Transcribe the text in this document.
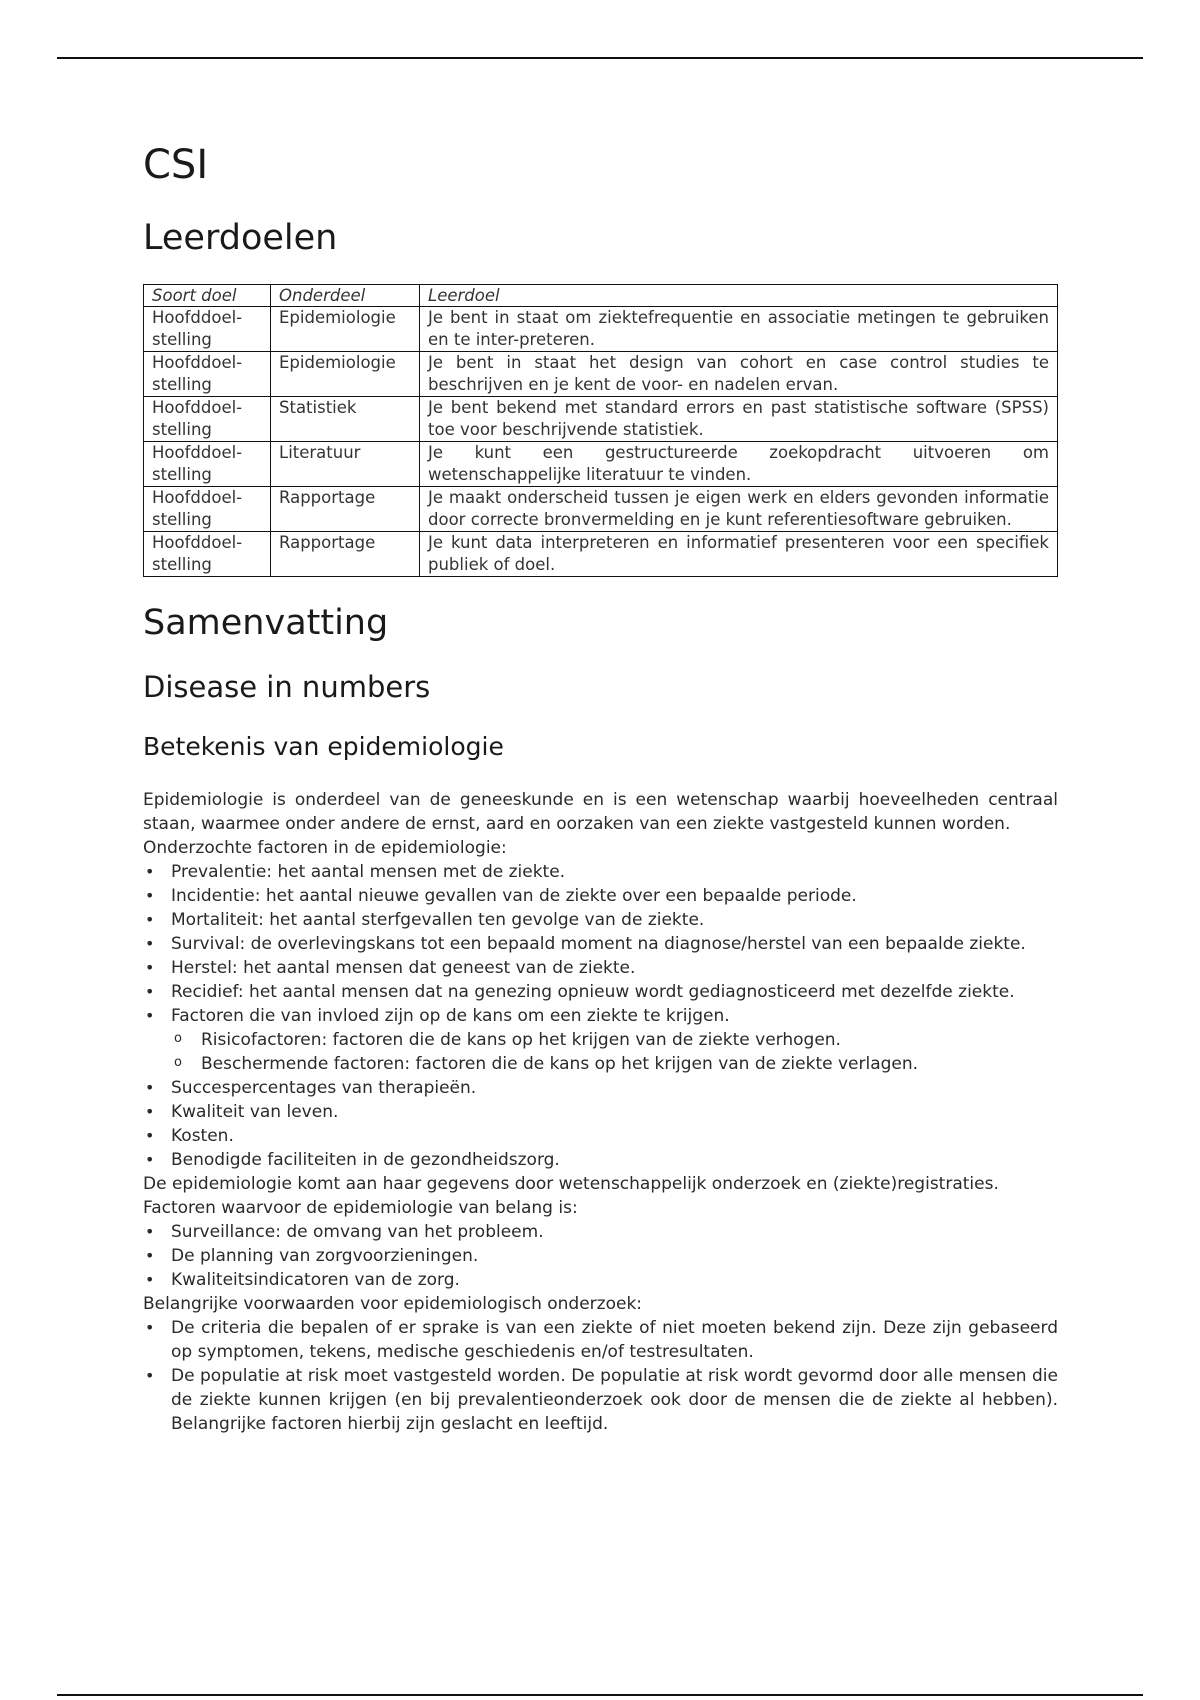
CSI
Leerdoelen
Soort doel	Onderdeel	Leerdoel
Hoofddoel-stelling	Epidemiologie	Je bent in staat om ziektefrequentie en associatie metingen te gebruiken en te inter-preteren.
Hoofddoel-stelling	Epidemiologie	Je bent in staat het design van cohort en case control studies te beschrijven en je kent de voor- en nadelen ervan.
Hoofddoel-stelling	Statistiek	Je bent bekend met standard errors en past statistische software (SPSS) toe voor beschrijvende statistiek.
Hoofddoel-stelling	Literatuur	Je kunt een gestructureerde zoekopdracht uitvoeren om wetenschappelijke literatuur te vinden.
Hoofddoel-stelling	Rapportage	Je maakt onderscheid tussen je eigen werk en elders gevonden informatie door correcte bronvermelding en je kunt referentiesoftware gebruiken.
Hoofddoel-stelling	Rapportage	Je kunt data interpreteren en informatief presenteren voor een specifiek publiek of doel.
Samenvatting
Disease in numbers
Betekenis van epidemiologie

Epidemiologie is onderdeel van de geneeskunde en is een wetenschap waarbij hoeveelheden centraal staan, waarmee onder andere de ernst, aard en oorzaken van een ziekte vastgesteld kunnen worden.

Onderzochte factoren in de epidemiologie:

• Prevalentie: het aantal mensen met de ziekte.
• Incidentie: het aantal nieuwe gevallen van de ziekte over een bepaalde periode.
• Mortaliteit: het aantal sterfgevallen ten gevolge van de ziekte.
• Survival: de overlevingskans tot een bepaald moment na diagnose/herstel van een bepaalde ziekte.
• Herstel: het aantal mensen dat geneest van de ziekte.
• Recidief: het aantal mensen dat na genezing opnieuw wordt gediagnosticeerd met dezelfde ziekte.
• Factoren die van invloed zijn op de kans om een ziekte te krijgen.
o Risicofactoren: factoren die de kans op het krijgen van de ziekte verhogen.
o Beschermende factoren: factoren die de kans op het krijgen van de ziekte verlagen.
• Succespercentages van therapieën.
• Kwaliteit van leven.
• Kosten.
• Benodigde faciliteiten in de gezondheidszorg.

De epidemiologie komt aan haar gegevens door wetenschappelijk onderzoek en (ziekte)registraties.

Factoren waarvoor de epidemiologie van belang is:

• Surveillance: de omvang van het probleem.
• De planning van zorgvoorzieningen.
• Kwaliteitsindicatoren van de zorg.

Belangrijke voorwaarden voor epidemiologisch onderzoek:

• De criteria die bepalen of er sprake is van een ziekte of niet moeten bekend zijn. Deze zijn gebaseerd op symptomen, tekens, medische geschiedenis en/of testresultaten.
• De populatie at risk moet vastgesteld worden. De populatie at risk wordt gevormd door alle mensen die de ziekte kunnen krijgen (en bij prevalentieonderzoek ook door de mensen die de ziekte al hebben). Belangrijke factoren hierbij zijn geslacht en leeftijd.
